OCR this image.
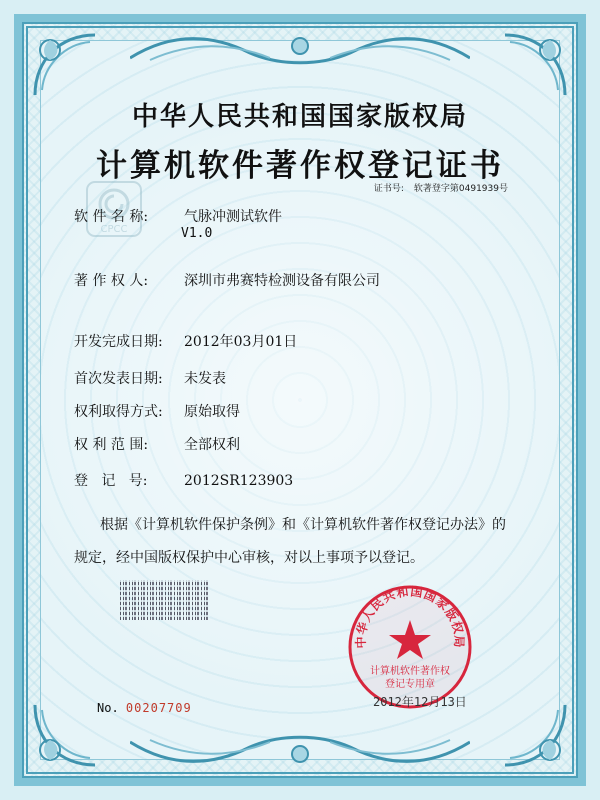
中华人民共和国国家版权局
计算机软件著作权登记证书
证书号: 软著登字第0491939号
CPCC
软 件 名 称:	气脉冲测试软件
V1.0
著 作 权 人:	深圳市弗赛特检测设备有限公司
开发完成日期: 2012年03月01日
首次发表日期: 未发表
权利取得方式: 原始取得
权 利 范 围:	全部权利
登   记   号:	2012SR123903
根据《计算机软件保护条例》和《计算机软件著作权登记办法》的
规定，经中国版权保护中心审核，对以上事项予以登记。
No. 00207709
中华人民共和国国家版权局
计算机软件著作权
登记专用章
2012年12月13日
